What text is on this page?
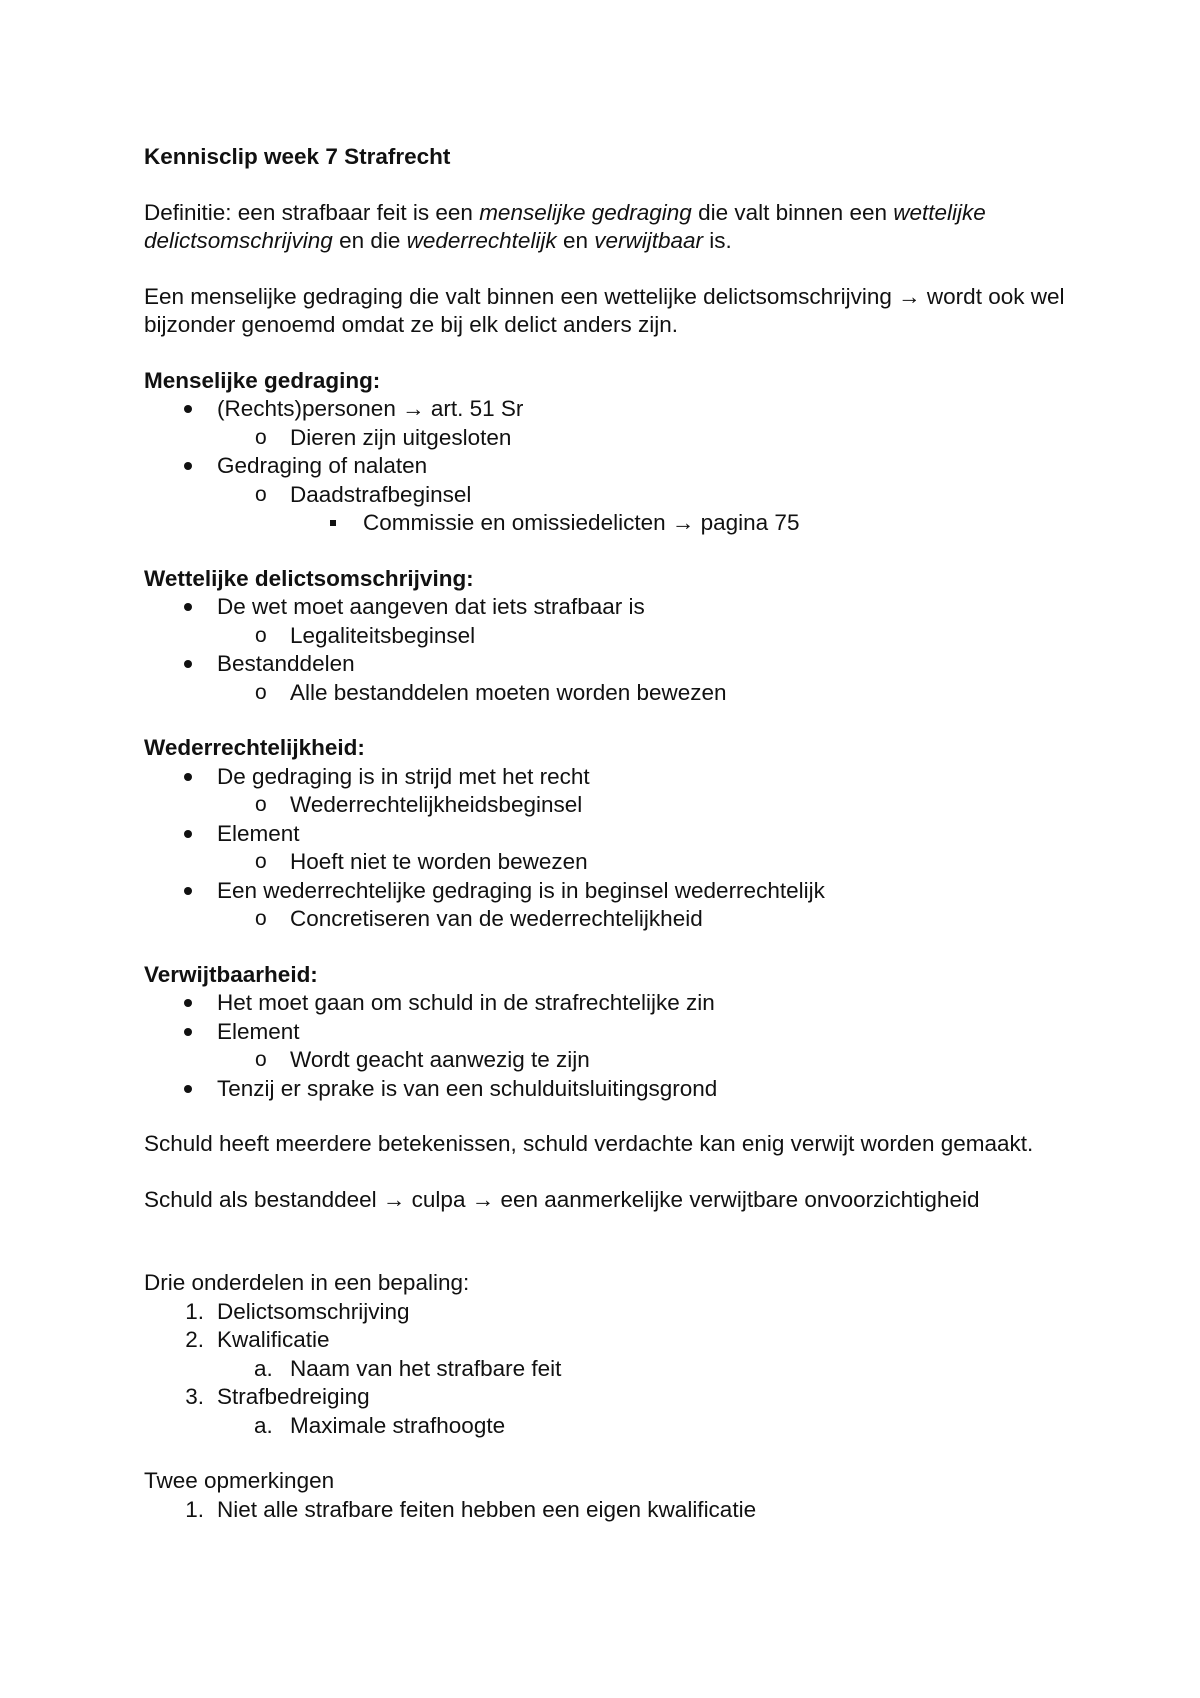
Kennisclip week 7 Strafrecht

Definitie: een strafbaar feit is een menselijke gedraging die valt binnen een wettelijke delictsomschrijving en die wederrechtelijk en verwijtbaar is.

Een menselijke gedraging die valt binnen een wettelijke delictsomschrijving → wordt ook wel bijzonder genoemd omdat ze bij elk delict anders zijn.

Menselijke gedraging:

(Rechts)personen → art. 51 Sr
o Dieren zijn uitgesloten
Gedraging of nalaten
o Daadstrafbeginsel
Commissie en omissiedelicten → pagina 75

Wettelijke delictsomschrijving:

De wet moet aangeven dat iets strafbaar is
o Legaliteitsbeginsel
Bestanddelen
o Alle bestanddelen moeten worden bewezen

Wederrechtelijkheid:

De gedraging is in strijd met het recht
o Wederrechtelijkheidsbeginsel
Element
o Hoeft niet te worden bewezen
Een wederrechtelijke gedraging is in beginsel wederrechtelijk
o Concretiseren van de wederrechtelijkheid

Verwijtbaarheid:

Het moet gaan om schuld in de strafrechtelijke zin
Element
o Wordt geacht aanwezig te zijn
Tenzij er sprake is van een schulduitsluitingsgrond

Schuld heeft meerdere betekenissen, schuld verdachte kan enig verwijt worden gemaakt.

Schuld als bestanddeel → culpa → een aanmerkelijke verwijtbare onvoorzichtigheid

Drie onderdelen in een bepaling:

1. Delictsomschrijving
2. Kwalificatie
a. Naam van het strafbare feit
3. Strafbedreiging
a. Maximale strafhoogte

Twee opmerkingen

1. Niet alle strafbare feiten hebben een eigen kwalificatie
